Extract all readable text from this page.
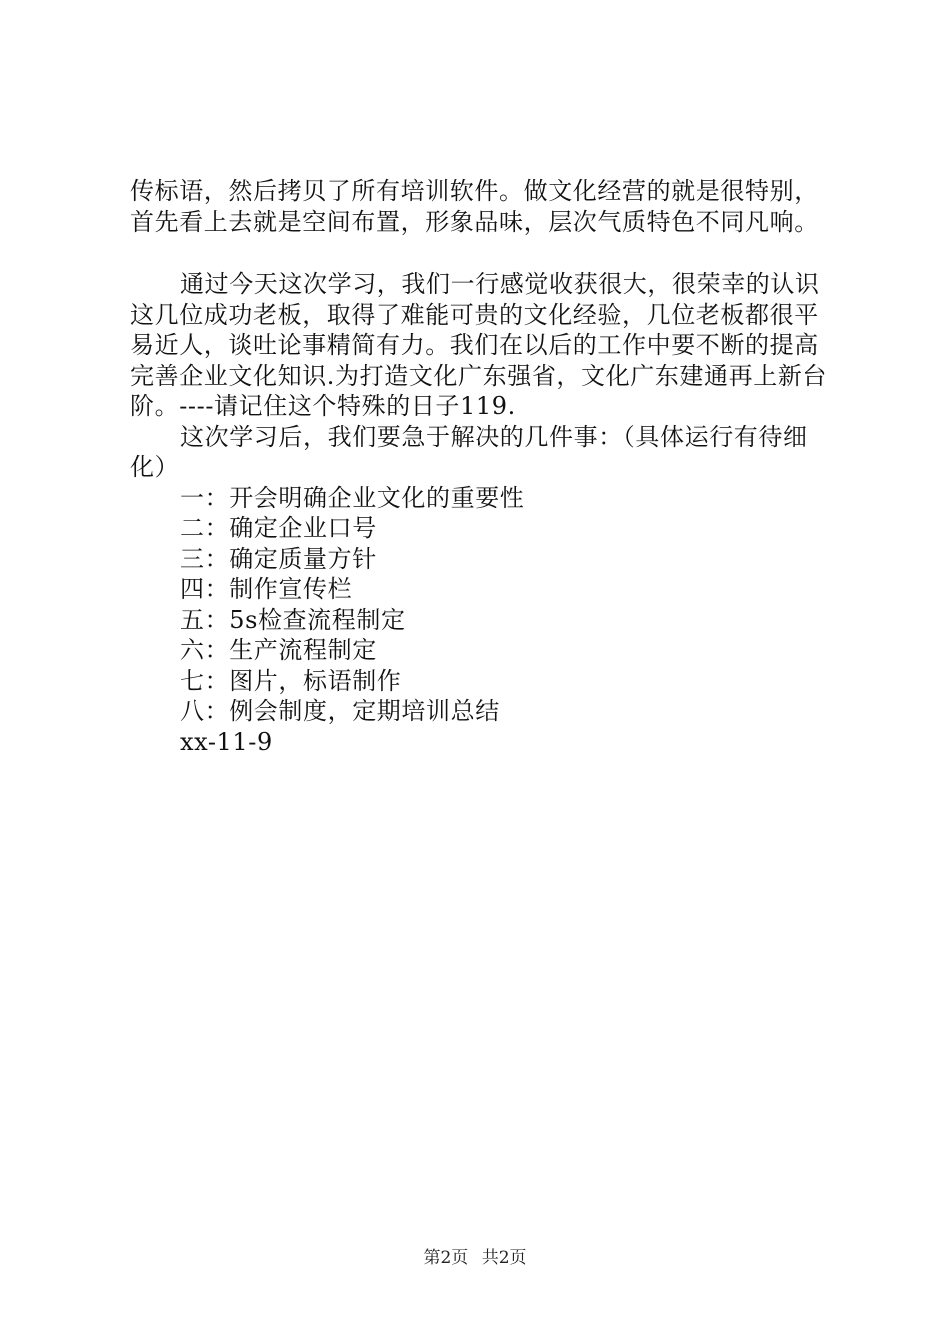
传标语，然后拷贝了所有培训软件。做文化经营的就是很特别，首先看上去就是空间布置，形象品味，层次气质特色不同凡响。

通过今天这次学习，我们一行感觉收获很大，很荣幸的认识这几位成功老板，取得了难能可贵的文化经验，几位老板都很平易近人，谈吐论事精简有力。我们在以后的工作中要不断的提高完善企业文化知识.为打造文化广东强省，文化广东建通再上新台阶。----请记住这个特殊的日子119.

这次学习后，我们要急于解决的几件事：（具体运行有待细化）

一：开会明确企业文化的重要性
二：确定企业口号
三：确定质量方针
四：制作宣传栏
五：5s检查流程制定
六：生产流程制定
七：图片，标语制作
八：例会制度，定期培训总结
xx-11-9
第2页 共2页
